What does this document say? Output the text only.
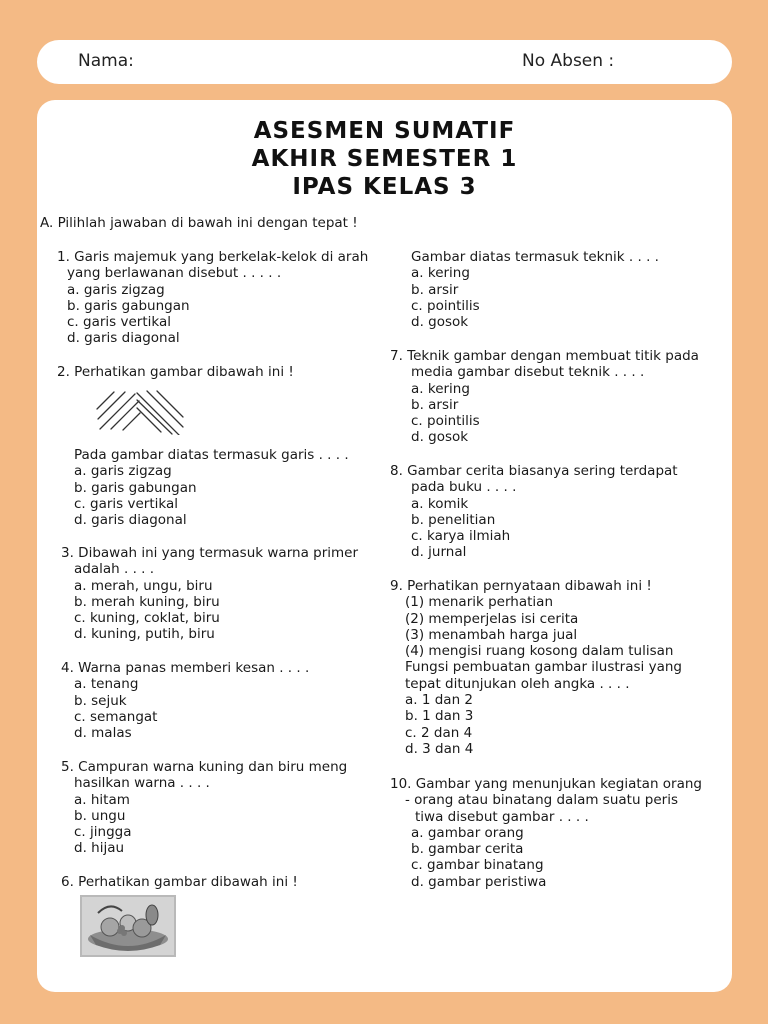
Nama:	No Absen :
ASESMEN SUMATIF
AKHIR SEMESTER 1
IPAS KELAS 3
A. Pilihlah jawaban di bawah ini dengan tepat !
1. Garis majemuk yang berkelak-kelok di arah
yang berlawanan disebut . . . . .
a. garis zigzag
b. garis gabungan
c. garis vertikal
d. garis diagonal
2. Perhatikan gambar dibawah ini !
Pada gambar diatas termasuk garis . . . .
a. garis zigzag
b. garis gabungan
c. garis vertikal
d. garis diagonal
3. Dibawah ini yang termasuk warna primer
adalah . . . .
a. merah, ungu, biru
b. merah kuning, biru
c. kuning, coklat, biru
d. kuning, putih, biru
4. Warna panas memberi kesan . . . .
a. tenang
b. sejuk
c. semangat
d. malas
5. Campuran warna kuning dan biru meng
hasilkan warna . . . .
a. hitam
b. ungu
c. jingga
d. hijau
6. Perhatikan gambar dibawah ini !
Gambar diatas termasuk teknik . . . .
a. kering
b. arsir
c. pointilis
d. gosok
7. Teknik gambar dengan membuat titik pada
media gambar disebut teknik . . . .
a. kering
b. arsir
c. pointilis
d. gosok
8. Gambar cerita biasanya sering terdapat
pada buku . . . .
a. komik
b. penelitian
c. karya ilmiah
d. jurnal
9. Perhatikan pernyataan dibawah ini !
(1) menarik perhatian
(2) memperjelas isi cerita
(3) menambah harga jual
(4) mengisi ruang kosong dalam tulisan
Fungsi pembuatan gambar ilustrasi yang
tepat ditunjukan oleh angka . . . .
a. 1 dan 2
b. 1 dan 3
c. 2 dan 4
d. 3 dan 4
10. Gambar yang menunjukan kegiatan orang
- orang atau binatang dalam suatu peris
tiwa disebut gambar . . . .
a. gambar orang
b. gambar cerita
c. gambar binatang
d. gambar peristiwa
